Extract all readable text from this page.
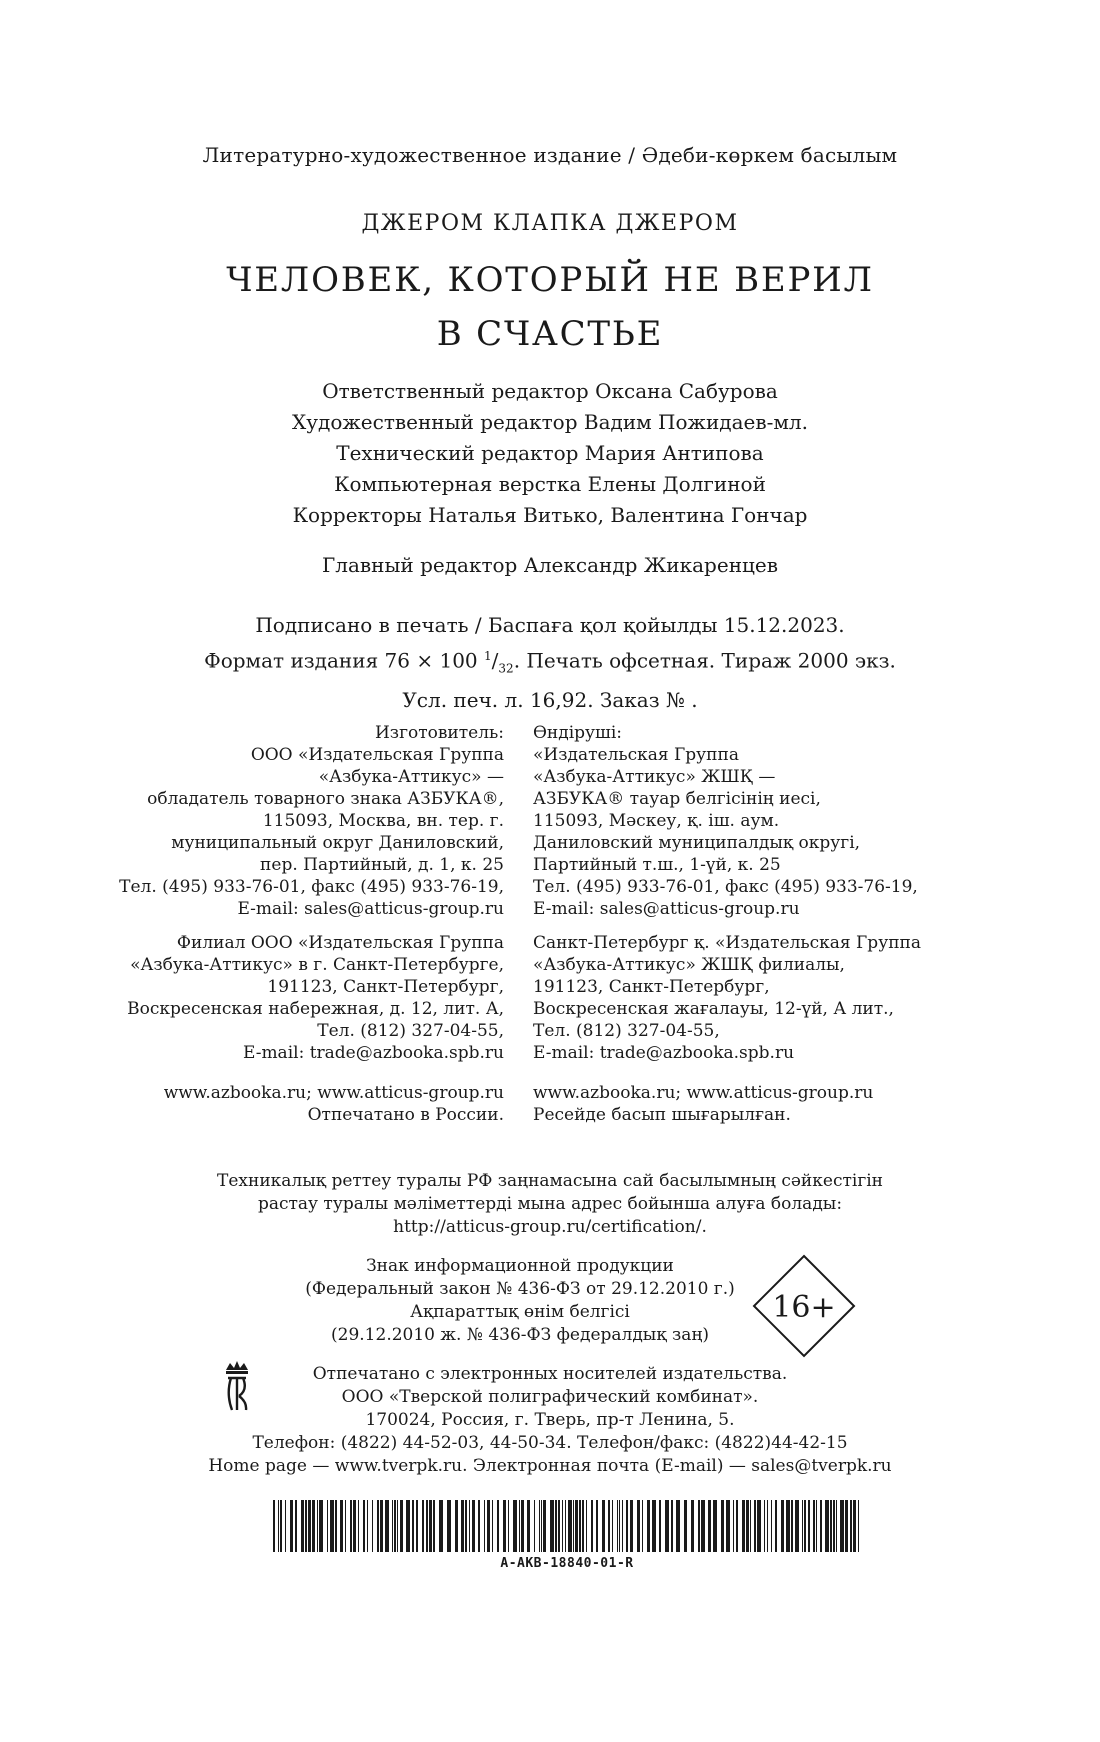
Литературно-художественное издание / Әдеби-көркем басылым
ДЖЕРОМ КЛАПКА ДЖЕРОМ
ЧЕЛОВЕК, КОТОРЫЙ НЕ ВЕРИЛ
В СЧАСТЬЕ
Ответственный редактор Оксана Сабурова
Художественный редактор Вадим Пожидаев-мл.
Технический редактор Мария Антипова
Компьютерная верстка Елены Долгиной
Корректоры Наталья Витько, Валентина Гончар
Главный редактор Александр Жикаренцев
Подписано в печать / Баспаға қол қойылды 15.12.2023.
Формат издания 76 × 100 $^1/_{32}$. Печать офсетная. Тираж 2000 экз.
Усл. печ. л. 16,92. Заказ № .
Изготовитель:
ООО «Издательская Группа
«Азбука-Аттикус» —
обладатель товарного знака АЗБУКА®,
115093, Москва, вн. тер. г.
муниципальный округ Даниловский,
пер. Партийный, д. 1, к. 25
Тел. (495) 933-76-01, факс (495) 933-76-19,
E-mail: sales@atticus-group.ru
Филиал ООО «Издательская Группа
«Азбука-Аттикус» в г. Санкт-Петербурге,
191123, Санкт-Петербург,
Воскресенская набережная, д. 12, лит. А,
Тел. (812) 327-04-55,
E-mail: trade@azbooka.spb.ru
www.azbooka.ru; www.atticus-group.ru
Отпечатано в России.
Өндіруші:
«Издательская Группа
«Азбука-Аттикус» ЖШҚ —
АЗБУКА® тауар белгісінің иесі,
115093, Мәскеу, қ. іш. аум.
Даниловский муниципалдық округі,
Партийный т.ш., 1-үй, к. 25
Тел. (495) 933-76-01, факс (495) 933-76-19,
E-mail: sales@atticus-group.ru
Санкт-Петербург қ. «Издательская Группа
«Азбука-Аттикус» ЖШҚ филиалы,
191123, Санкт-Петербург,
Воскресенская жағалауы, 12-үй, А лит.,
Тел. (812) 327-04-55,
E-mail: trade@azbooka.spb.ru
www.azbooka.ru; www.atticus-group.ru
Ресейде басып шығарылған.
Техникалық реттеу туралы РФ заңнамасына сай басылымның сәйкестігін
растау туралы мәліметтерді мына адрес бойынша алуға болады:
http://atticus-group.ru/certification/.
Знак информационной продукции
(Федеральный закон № 436-ФЗ от 29.12.2010 г.)
Ақпараттық өнім белгісі
(29.12.2010 ж. № 436-ФЗ федералдық заң)
16+
Отпечатано с электронных носителей издательства.
ООО «Тверской полиграфический комбинат».
170024, Россия, г. Тверь, пр-т Ленина, 5.
Телефон: (4822) 44-52-03, 44-50-34. Телефон/факс: (4822)44-42-15
Home page — www.tverpk.ru. Электронная почта (E-mail) — sales@tverpk.ru
A-AKB-18840-01-R
